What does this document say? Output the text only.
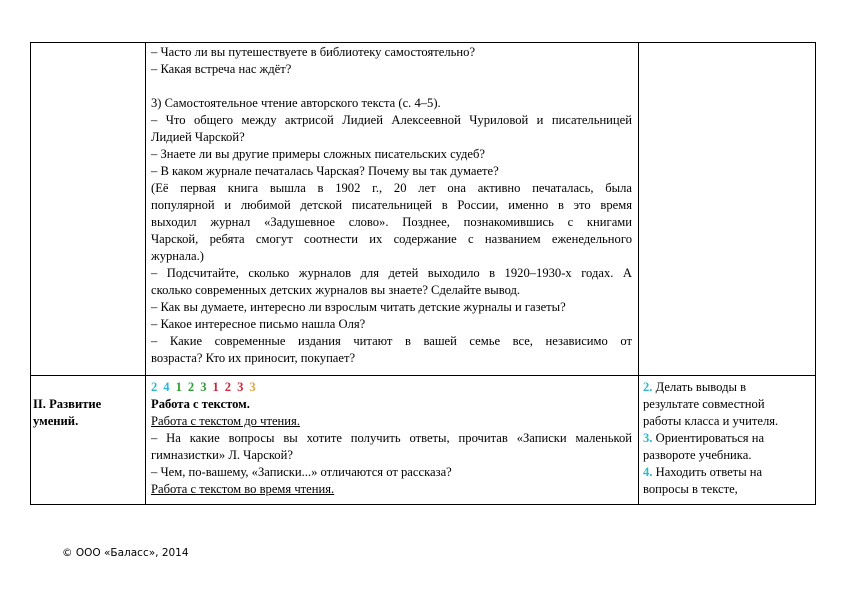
– Часто ли вы путешествуете в библиотеку самостоятельно?
– Какая встреча нас ждёт?
3) Самостоятельное чтение авторского текста (с. 4–5).
– Что общего между актрисой Лидией Алексеевной Чуриловой и писательницей
Лидией Чарской?
– Знаете ли вы другие примеры сложных писательских судеб?
– В каком журнале печаталась Чарская? Почему вы так думаете?
(Её первая книга вышла в 1902 г., 20 лет она активно печаталась, была
популярной и любимой детской писательницей в России, именно в это время
выходил журнал «Задушевное слово». Позднее, познакомившись с книгами
Чарской, ребята смогут соотнести их содержание с названием еженедельного
журнала.)
– Подсчитайте, сколько журналов для детей выходило в 1920–1930-х годах. А
сколько современных детских журналов вы знаете? Сделайте вывод.
– Как вы думаете, интересно ли взрослым читать детские журналы и газеты?
– Какое интересное письмо нашла Оля?
– Какие современные издания читают в вашей семье все, независимо от
возраста? Кто их приносит, покупает?
II. Развитие умений.
2 4 1 2 3 1 2 3 3
Работа с текстом.
Работа с текстом до чтения.
– На какие вопросы вы хотите получить ответы, прочитав «Записки маленькой
гимназистки» Л. Чарской?
– Чем, по-вашему, «Записки...» отличаются от рассказа?
Работа с текстом во время чтения.
2. Делать выводы в
результате совместной
работы класса и учителя.
3. Ориентироваться на
развороте учебника.
4. Находить ответы на
вопросы в тексте,
© ООО «Баласс», 2014
